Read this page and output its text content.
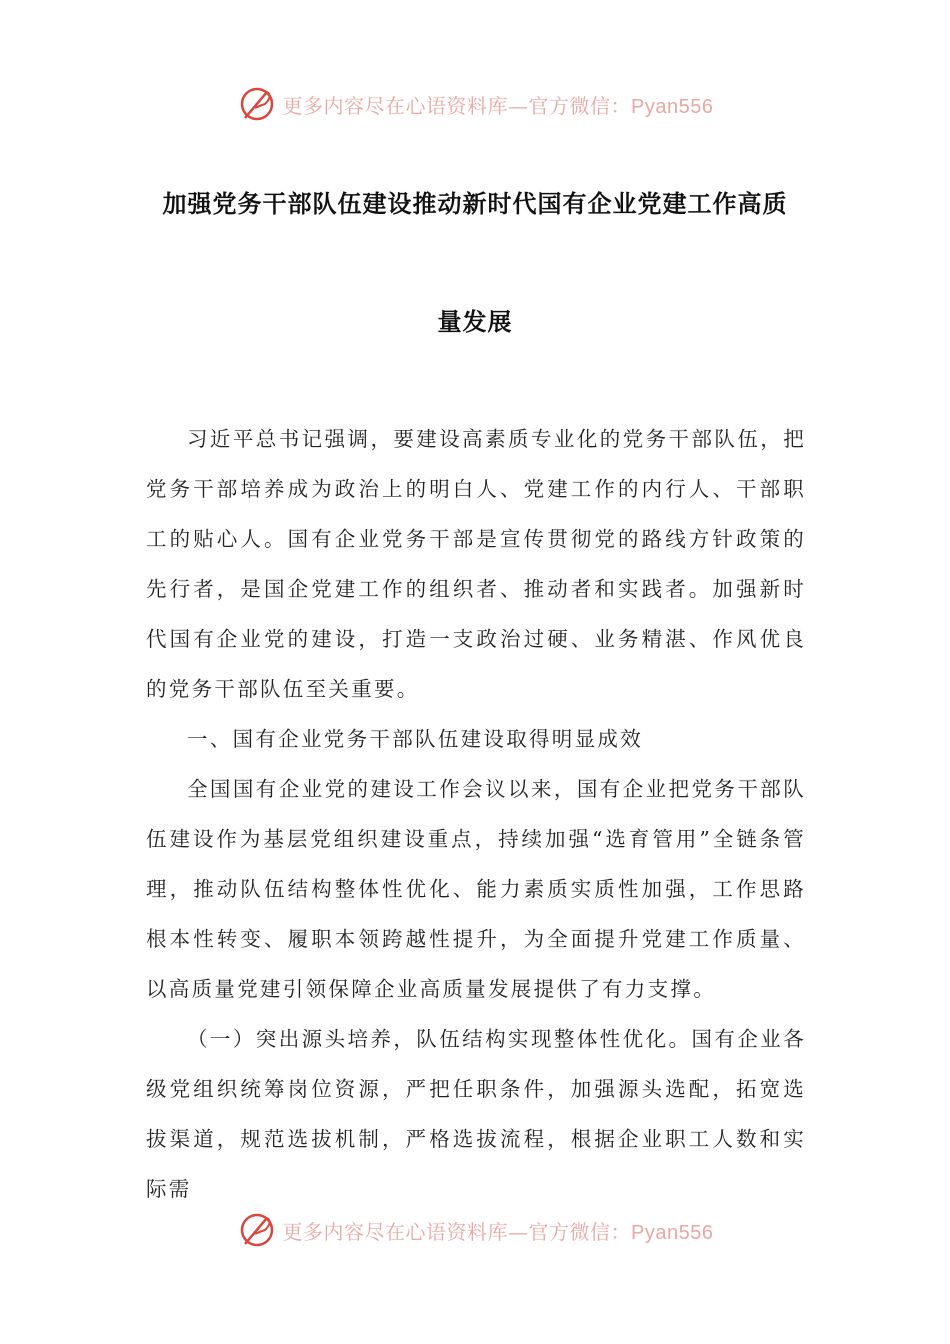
更多内容尽在心语资料库—官方微信：Pyan556
加强党务干部队伍建设推动新时代国有企业党建工作高质
量发展

习近平总书记强调，要建设高素质专业化的党务干部队伍，把党务干部培养成为政治上的明白人、党建工作的内行人、干部职工的贴心人。国有企业党务干部是宣传贯彻党的路线方针政策的先行者，是国企党建工作的组织者、推动者和实践者。加强新时代国有企业党的建设，打造一支政治过硬、业务精湛、作风优良的党务干部队伍至关重要。

一、国有企业党务干部队伍建设取得明显成效

全国国有企业党的建设工作会议以来，国有企业把党务干部队伍建设作为基层党组织建设重点，持续加强“选育管用”全链条管理，推动队伍结构整体性优化、能力素质实质性加强，工作思路根本性转变、履职本领跨越性提升，为全面提升党建工作质量、以高质量党建引领保障企业高质量发展提供了有力支撑。

（一）突出源头培养，队伍结构实现整体性优化。国有企业各级党组织统筹岗位资源，严把任职条件，加强源头选配，拓宽选拔渠道，规范选拔机制，严格选拔流程，根据企业职工人数和实际需

更多内容尽在心语资料库—官方微信：Pyan556
